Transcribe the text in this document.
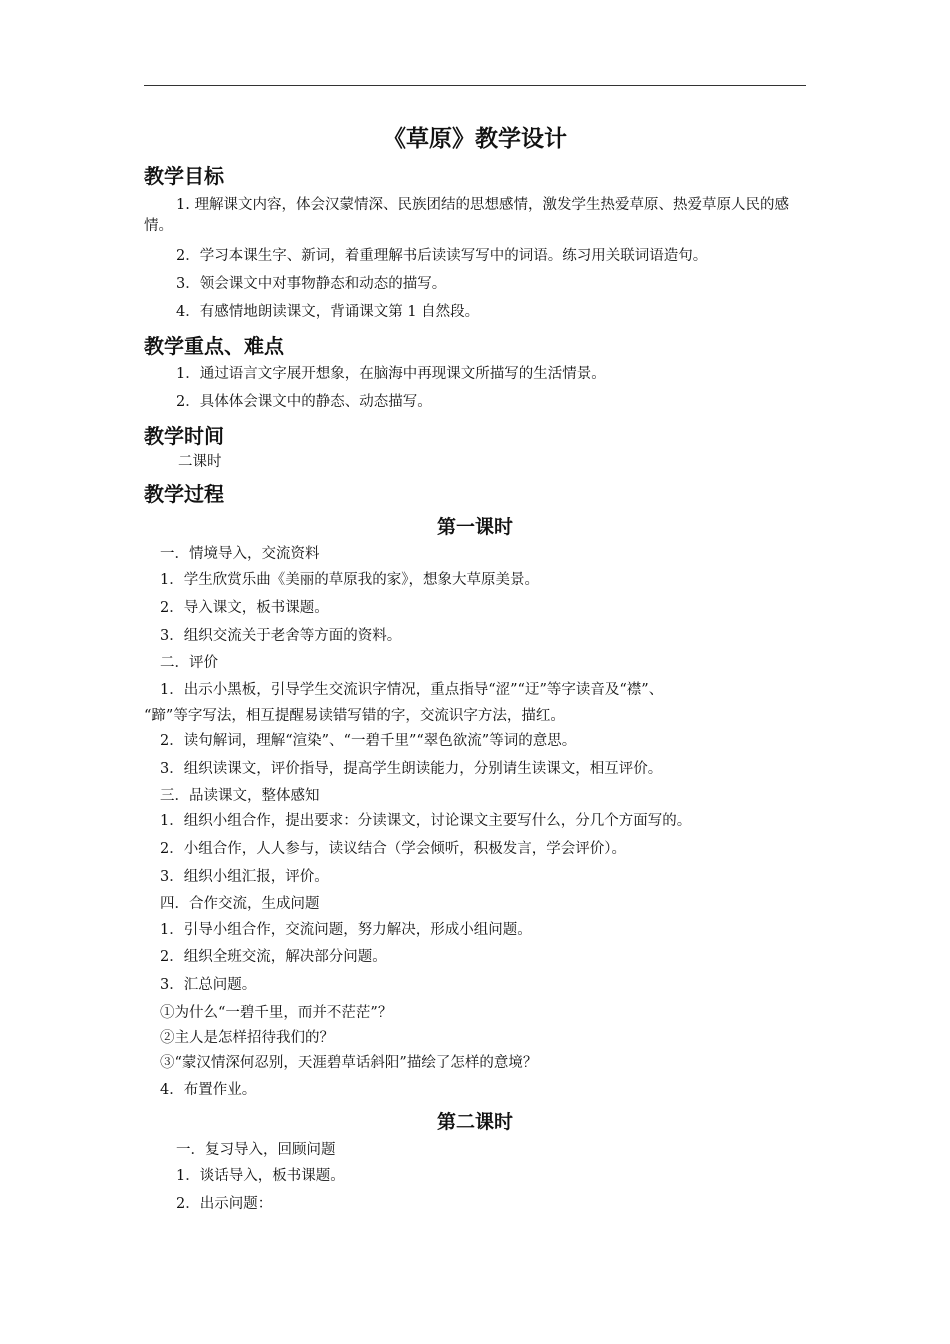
《草原》教学设计
教学目标
1. 理解课文内容，体会汉蒙情深、民族团结的思想感情，激发学生热爱草原、热爱草原人民的感情。
2．学习本课生字、新词，着重理解书后读读写写中的词语。练习用关联词语造句。
3．领会课文中对事物静态和动态的描写。
4．有感情地朗读课文，背诵课文第 1 自然段。
教学重点、难点
1．通过语言文字展开想象，在脑海中再现课文所描写的生活情景。
2．具体体会课文中的静态、动态描写。
教学时间
二课时
教学过程
第一课时
一．情境导入，交流资料
1．学生欣赏乐曲《美丽的草原我的家》，想象大草原美景。
2．导入课文，板书课题。
3．组织交流关于老舍等方面的资料。
二．评价
1．出示小黑板，引导学生交流识字情况，重点指导“涩”“迂”等字读音及“襟”、
“蹄”等字写法，相互提醒易读错写错的字，交流识字方法，描红。
2．读句解词，理解“渲染”、“一碧千里”“翠色欲流”等词的意思。
3．组织读课文，评价指导，提高学生朗读能力，分别请生读课文，相互评价。
三．品读课文，整体感知
1．组织小组合作，提出要求：分读课文，讨论课文主要写什么，分几个方面写的。
2．小组合作，人人参与，读议结合（学会倾听，积极发言，学会评价）。
3．组织小组汇报，评价。
四．合作交流，生成问题
1．引导小组合作，交流问题，努力解决，形成小组问题。
2．组织全班交流，解决部分问题。
3．汇总问题。
①为什么“一碧千里，而并不茫茫”？
②主人是怎样招待我们的？
③“蒙汉情深何忍别，天涯碧草话斜阳”描绘了怎样的意境？
4．布置作业。
第二课时
一．复习导入，回顾问题
1．谈话导入，板书课题。
2．出示问题：
